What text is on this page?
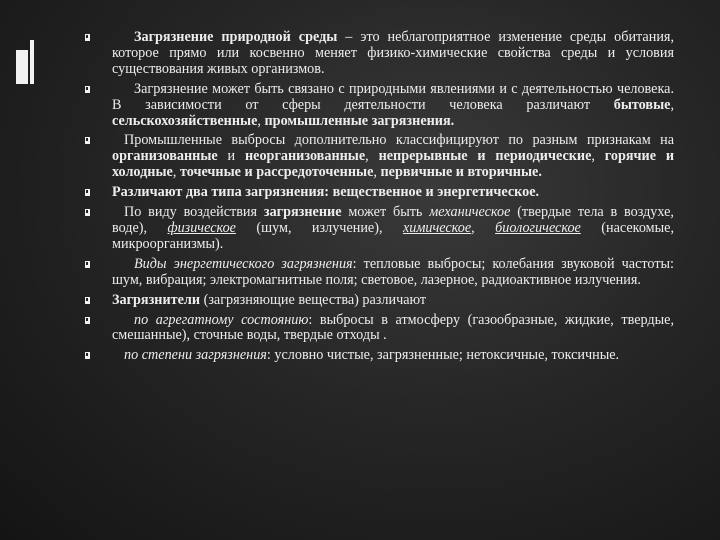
Загрязнение природной среды – это неблагоприятное изменение среды обитания, которое прямо или косвенно меняет физико-химические свойства среды и условия существования живых организмов.
Загрязнение может быть связано с природными явлениями и с деятельностью человека. В зависимости от сферы деятельности человека различают бытовые, сельскохозяйственные, промышленные загрязнения.
Промышленные выбросы дополнительно классифицируют по разным признакам на организованные и неорганизованные, непрерывные и периодические, горячие и холодные, точечные и рассредоточенные, первичные и вторичные.
Различают два типа загрязнения: вещественное и энергетическое.
По виду воздействия загрязнение может быть механическое (твердые тела в воздухе, воде), физическое (шум, излучение), химическое, биологическое (насекомые, микроорганизмы).
Виды энергетического загрязнения: тепловые выбросы; колебания звуковой частоты: шум, вибрация; электромагнитные поля; световое, лазерное, радиоактивное излучения.
Загрязнители (загрязняющие вещества) различают
по агрегатному состоянию: выбросы в атмосферу (газообразные, жидкие, твердые, смешанные), сточные воды, твердые отходы .
по степени загрязнения: условно чистые, загрязненные; нетоксичные, токсичные.
